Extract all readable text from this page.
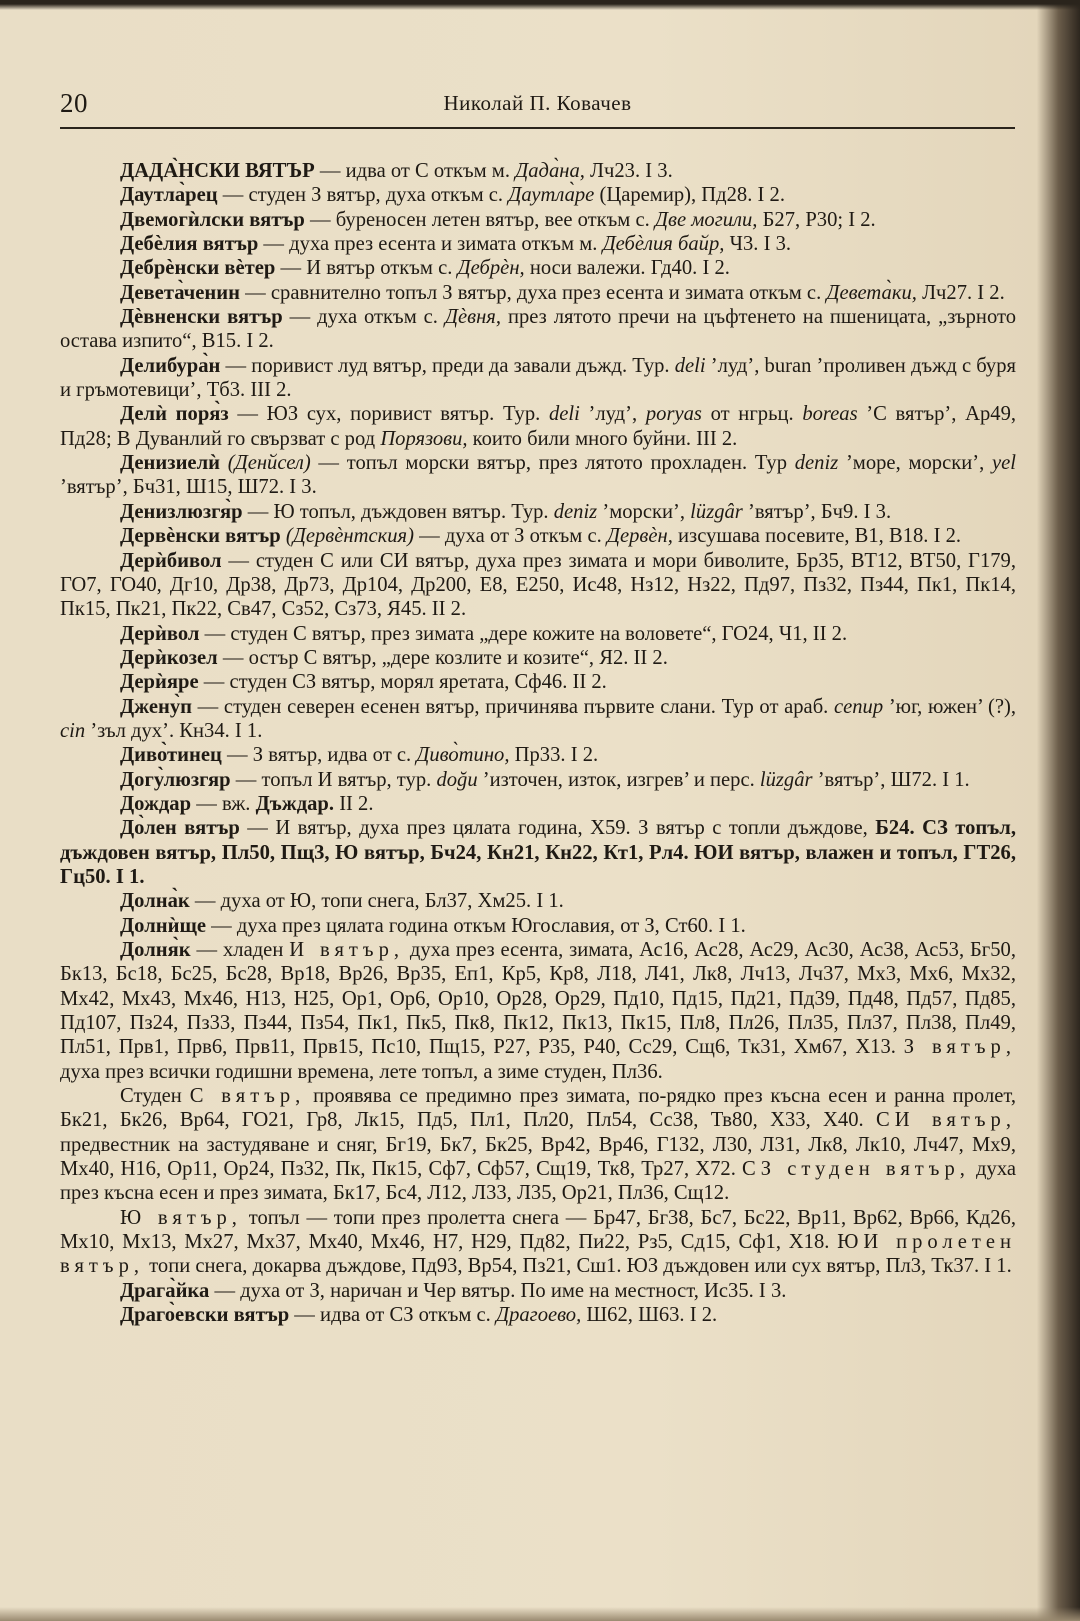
20	Николай П. Ковачев

ДАДА̀НСКИ ВЯТЪР — идва от С откъм м. Дада̀на, Лч23. I 3.

Даутла̀рец — студен З вятър, духа откъм с. Даутла̀ре (Царемир), Пд28. I 2.

Двемогѝлски вятър — буреносен летен вятър, вее откъм с. Две могили, Б27, Р30; I 2.

Дебѐлия вятър — духа през есента и зимата откъм м. Дебѐлия байр, Ч3. I 3.

Дебрѐнски вѐтер — И вятър откъм с. Дебрѐн, носи валежи. Гд40. I 2.

Девета̀ченин — сравнително топъл З вятър, духа през есента и зимата откъм с. Девета̀ки, Лч27. I 2.

Дѐвненски вятър — духа откъм с. Дѐвня, през лятото пречи на цъфтенето на пшеницата, „зърното остава изпито“, В15. I 2.

Делибура̀н — поривист луд вятър, преди да завали дъжд. Тур. deli ’луд’, buran ’проливен дъжд с буря и гръмотевици’, Тб3. III 2.

Делѝ поря̀з — ЮЗ сух, поривист вятър. Тур. deli ’луд’, poryas от нгрьц. boreas ’С вятър’, Ар49, Пд28; В Дуванлий го свързват с род Порязови, които били много буйни. III 2.

Денизиелѝ (Денйсел) — топъл морски вятър, през лятото прохладен. Тур deniz ’море, морски’, yel ’вятър’, Бч31, Ш15, Ш72. I 3.

Денизлюзгя̀р — Ю топъл, дъждовен вятър. Тур. deniz ’морски’, lüzgâr ’вятър’, Бч9. I 3.

Дервѐнски вятър (Дервѐнтския) — духа от З откъм с. Дервѐн, изсушава посевите, В1, В18. I 2.

Дерѝбивол — студен С или СИ вятър, духа през зимата и мори биволите, Бр35, ВТ12, ВТ50, Г179, ГО7, ГО40, Дг10, Др38, Др73, Др104, Др200, Е8, Е250, Ис48, Нз12, Нз22, Пд97, Пз32, Пз44, Пк1, Пк14, Пк15, Пк21, Пк22, Св47, Сз52, Сз73, Я45. II 2.

Дерѝвол — студен С вятър, през зимата „дере кожите на воловете“, ГО24, Ч1, II 2.

Дерѝкозел — остър С вятър, „дере козлите и козите“, Я2. II 2.

Дерѝяре — студен СЗ вятър, морял яретата, Сф46. II 2.

Джену̀п — студен северен есенен вятър, причинява първите слани. Тур от араб. cenup ’юг, южен’ (?), cin ’зъл дух’. Кн34. I 1.

Диво̀тинец — З вятър, идва от с. Диво̀тино, Пр33. I 2.

Догу̀люзгяр — топъл И вятър, тур. doğu ’източен, изток, изгрев’ и перс. lüzgâr ’вятър’, Ш72. I 1.

Дождар — вж. Дъждар. II 2.

До̀лен вятър — И вятър, духа през цялата година, Х59. З вятър с топли дъждове, Б24. СЗ топъл, дъждовен вятър, Пл50, Пщ3, Ю вятър, Бч24, Кн21, Кн22, Кт1, Рл4. ЮИ вятър, влажен и топъл, ГТ26, Гц50. I 1.

Долна̀к — духа от Ю, топи снега, Бл37, Хм25. I 1.

Долнѝще — духа през цялата година откъм Югославия, от З, Ст60. I 1.

Долня̀к — хладен И вятър, духа през есента, зимата, Ас16, Ас28, Ас29, Ас30, Ас38, Ас53, Бг50, Бк13, Бс18, Бс25, Бс28, Вр18, Вр26, Вр35, Еп1, Кр5, Кр8, Л18, Л41, Лк8, Лч13, Лч37, Мх3, Мх6, Мх32, Мх42, Мх43, Мх46, Н13, Н25, Ор1, Ор6, Ор10, Ор28, Ор29, Пд10, Пд15, Пд21, Пд39, Пд48, Пд57, Пд85, Пд107, Пз24, Пз33, Пз44, Пз54, Пк1, Пк5, Пк8, Пк12, Пк13, Пк15, Пл8, Пл26, Пл35, Пл37, Пл38, Пл49, Пл51, Прв1, Прв6, Прв11, Прв15, Пс10, Пщ15, Р27, Р35, Р40, Сс29, Сщ6, Тк31, Хм67, Х13. З вятър, духа през всички годишни времена, лете топъл, а зиме студен, Пл36.

Студен С вятър, проявява се предимно през зимата, по-рядко през късна есен и ранна пролет, Бк21, Бк26, Вр64, ГО21, Гр8, Лк15, Пд5, Пл1, Пл20, Пл54, Сс38, Тв80, Х33, Х40. СИ вятър, предвестник на застудяване и сняг, Бг19, Бк7, Бк25, Вр42, Вр46, Г132, Л30, Л31, Лк8, Лк10, Лч47, Мх9, Мх40, Н16, Ор11, Ор24, Пз32, Пк, Пк15, Сф7, Сф57, Сщ19, Тк8, Тр27, Х72. СЗ студен вятър, духа през късна есен и през зимата, Бк17, Бс4, Л12, Л33, Л35, Ор21, Пл36, Сщ12.

Ю вятър, топъл — топи през пролетта снега — Бр47, Бг38, Бс7, Бс22, Вр11, Вр62, Вр66, Кд26, Мх10, Мх13, Мх27, Мх37, Мх40, Мх46, Н7, Н29, Пд82, Пи22, Рз5, Сд15, Сф1, Х18. ЮИ пролетен вятър, топи снега, докарва дъждове, Пд93, Вр54, Пз21, Сш1. ЮЗ дъждовен или сух вятър, Пл3, Тк37. I 1.

Драга̀йка — духа от З, наричан и Чер вятър. По име на местност, Ис35. I 3.

Драго̀евски вятър — идва от СЗ откъм с. Драгоево, Ш62, Ш63. I 2.
